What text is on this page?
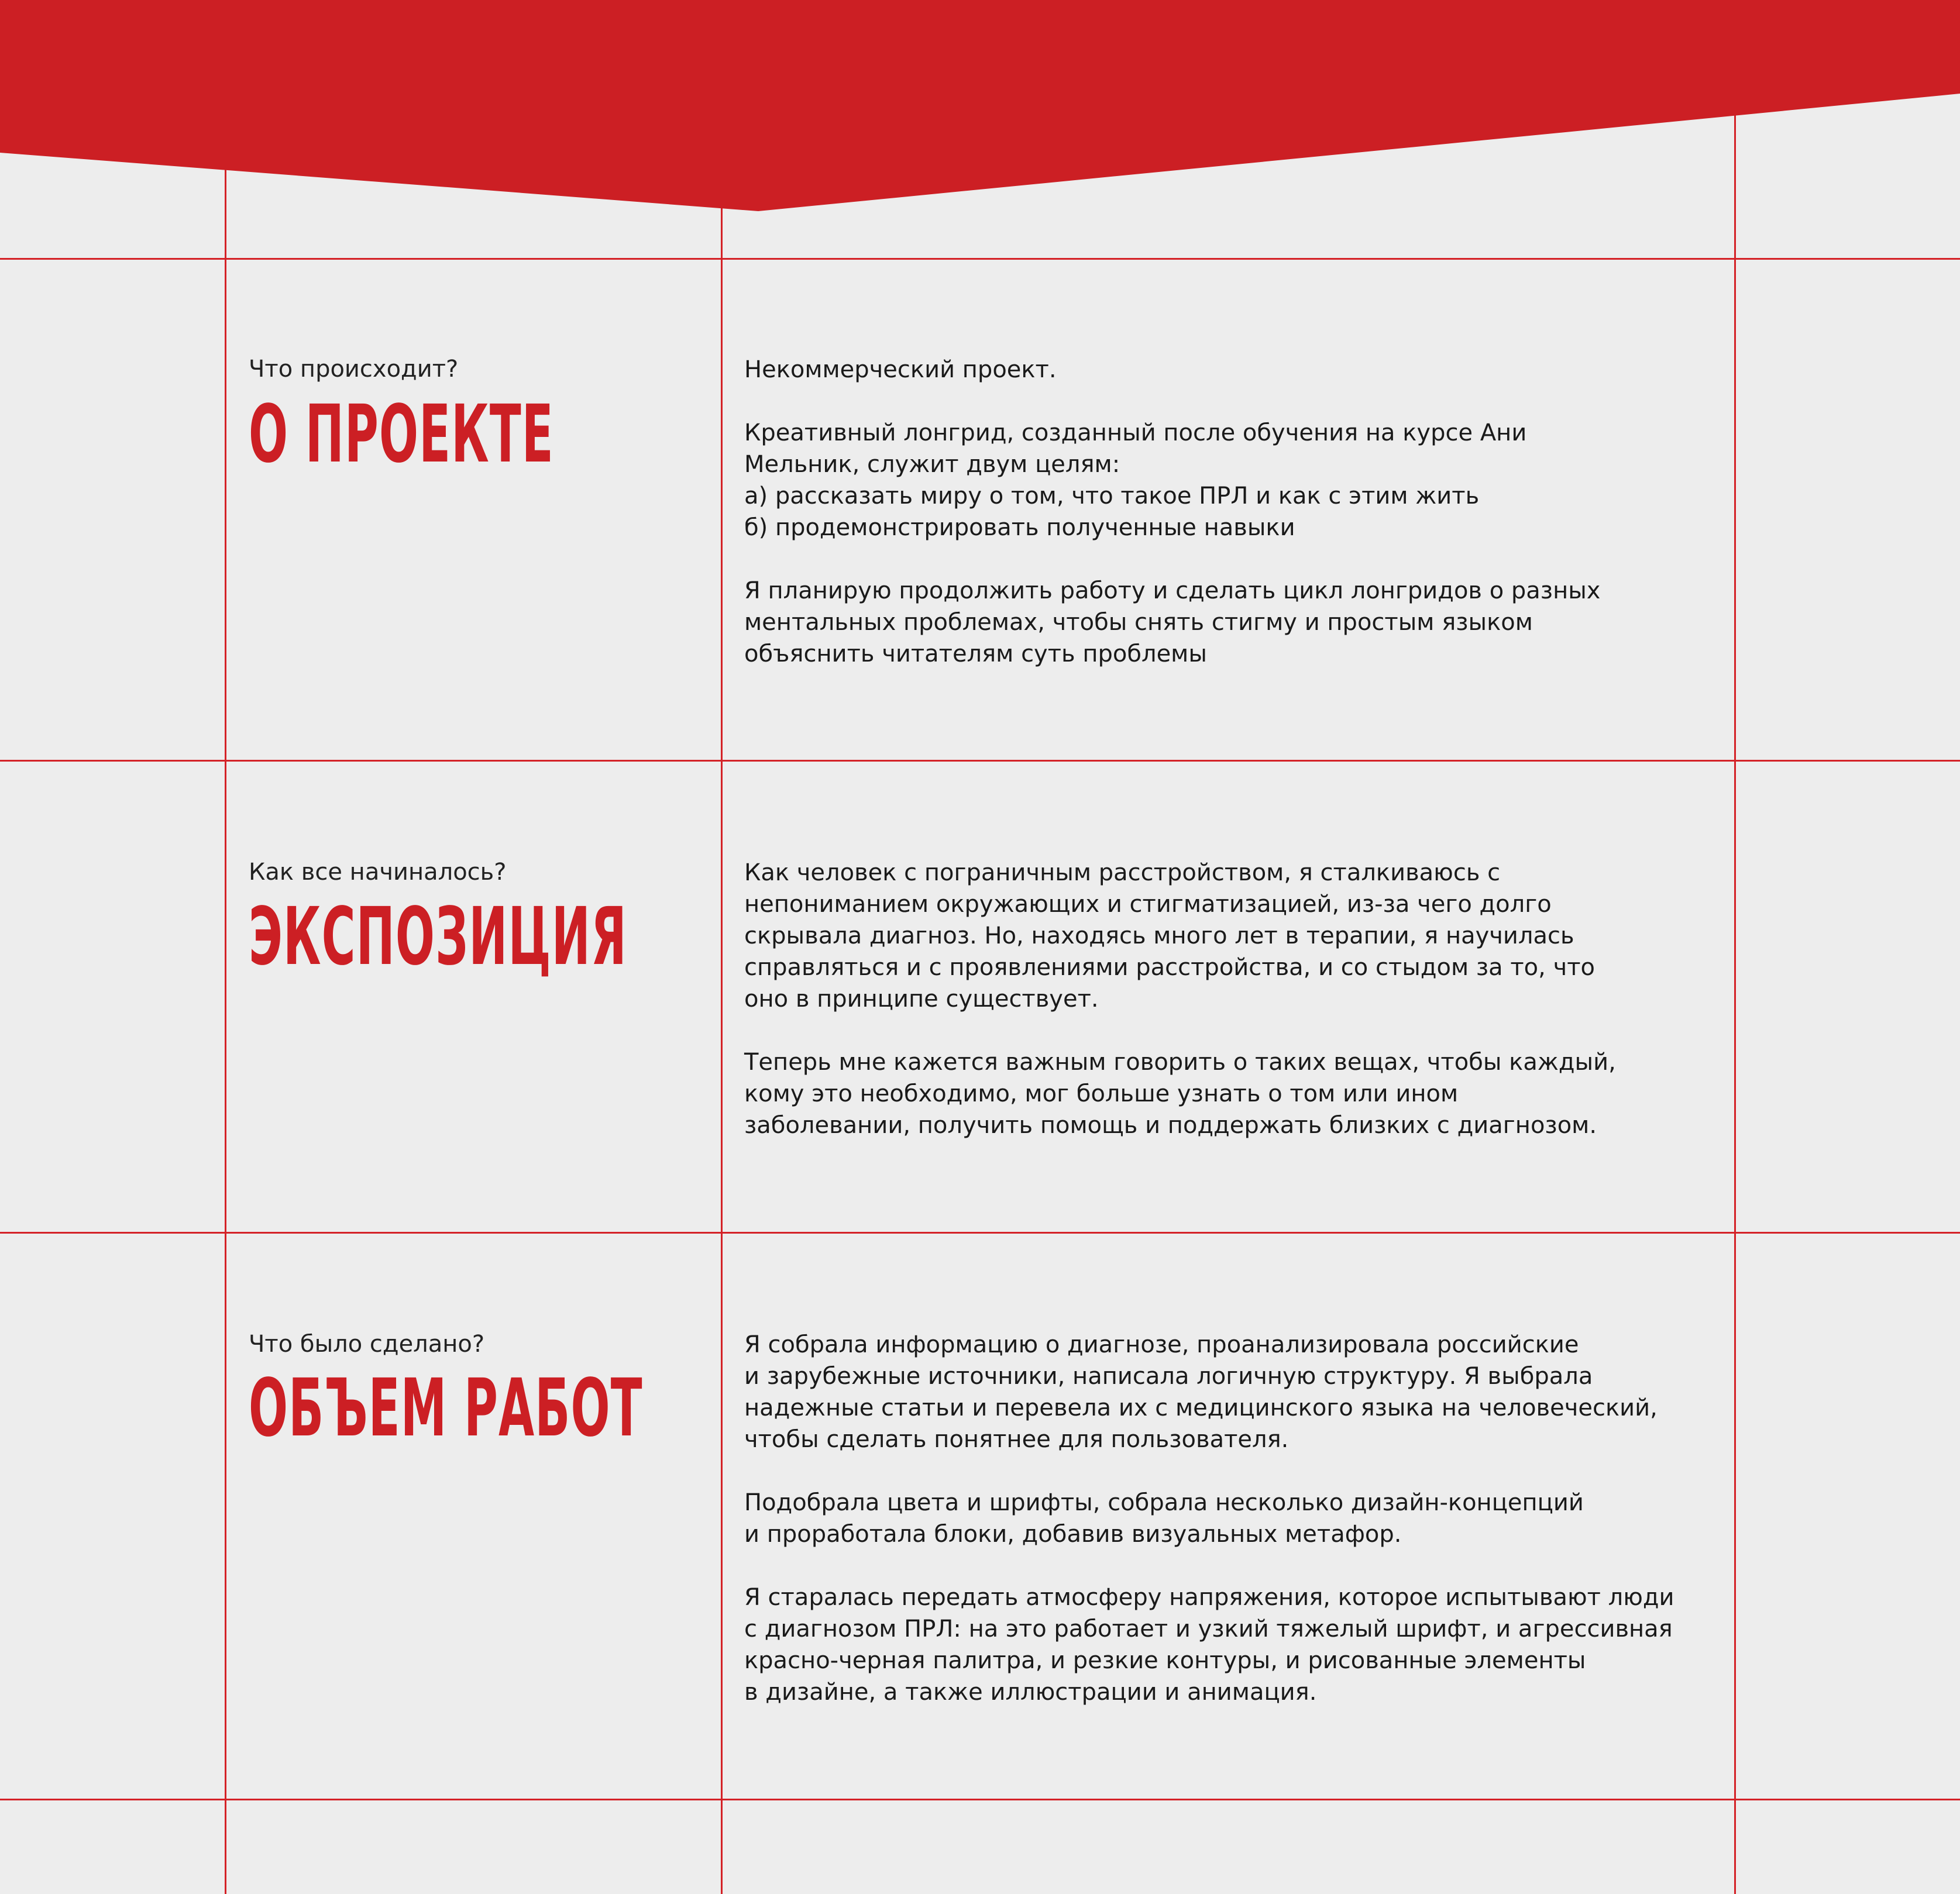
Что происходит?

О ПРОЕКТЕ

Некоммерческий проект.

Креативный лонгрид, созданный после обучения на курсе Ани
Мельник, служит двум целям:
а) рассказать миру о том, что такое ПРЛ и как с этим жить
б) продемонстрировать полученные навыки

Я планирую продолжить работу и сделать цикл лонгридов о разных
ментальных проблемах, чтобы снять стигму и простым языком
объяснить читателям суть проблемы

Как все начиналось?

ЭКСПОЗИЦИЯ

Как человек с пограничным расстройством, я сталкиваюсь с
непониманием окружающих и стигматизацией, из-за чего долго
скрывала диагноз. Но, находясь много лет в терапии, я научилась
справляться и с проявлениями расстройства, и со стыдом за то, что
оно в принципе существует.

Теперь мне кажется важным говорить о таких вещах, чтобы каждый,
кому это необходимо, мог больше узнать о том или ином
заболевании, получить помощь и поддержать близких с диагнозом.

Что было сделано?

ОБЪЕМ РАБОТ

Я собрала информацию о диагнозе, проанализировала российские
и зарубежные источники, написала логичную структуру. Я выбрала
надежные статьи и перевела их с медицинского языка на человеческий,
чтобы сделать понятнее для пользователя.

Подобрала цвета и шрифты, собрала несколько дизайн-концепций
и проработала блоки, добавив визуальных метафор.

Я старалась передать атмосферу напряжения, которое испытывают люди
с диагнозом ПРЛ: на это работает и узкий тяжелый шрифт, и агрессивная
красно-черная палитра, и резкие контуры, и рисованные элементы
в дизайне, а также иллюстрации и анимация.
